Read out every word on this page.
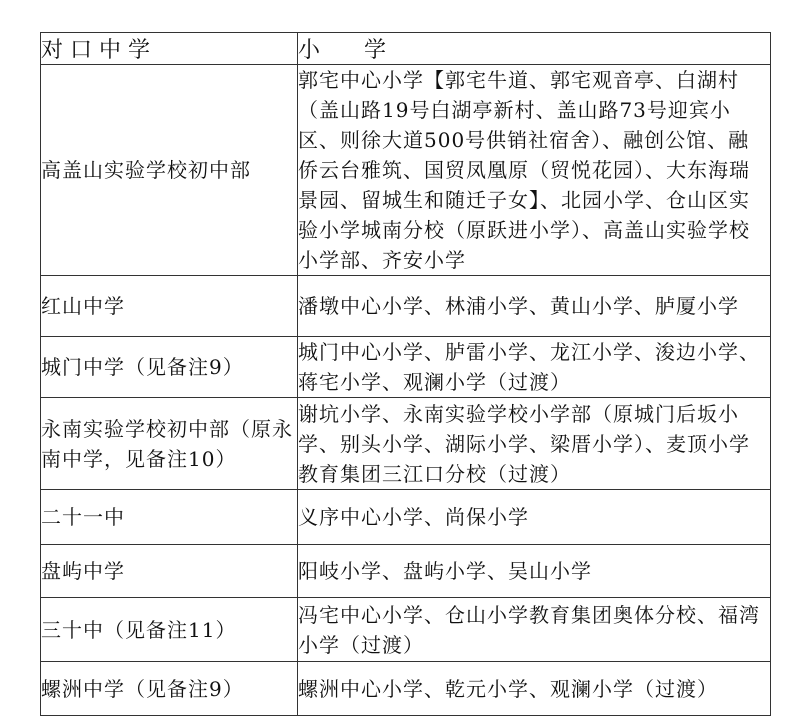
对 口 中 学	小　　学

高盖山实验学校初中部	郭宅中心小学【郭宅牛道、郭宅观音亭、白湖村（盖山路19号白湖亭新村、盖山路73号迎宾小区、则徐大道500号供销社宿舍）、融创公馆、融侨云台雅筑、国贸凤凰原（贸悦花园）、大东海瑞景园、留城生和随迁子女】、北园小学、仓山区实验小学城南分校（原跃进小学）、高盖山实验学校小学部、齐安小学

红山中学	潘墩中心小学、林浦小学、黄山小学、胪厦小学

城门中学（见备注9）	城门中心小学、胪雷小学、龙江小学、浚边小学、蒋宅小学、观澜小学（过渡）

永南实验学校初中部（原永南中学，见备注10）	谢坑小学、永南实验学校小学部（原城门后坂小学、别头小学、湖际小学、梁厝小学）、麦顶小学教育集团三江口分校（过渡）

二十一中	义序中心小学、尚保小学

盘屿中学	阳岐小学、盘屿小学、吴山小学

三十中（见备注11）	冯宅中心小学、仓山小学教育集团奥体分校、福湾小学（过渡）

螺洲中学（见备注9）	螺洲中心小学、乾元小学、观澜小学（过渡）
